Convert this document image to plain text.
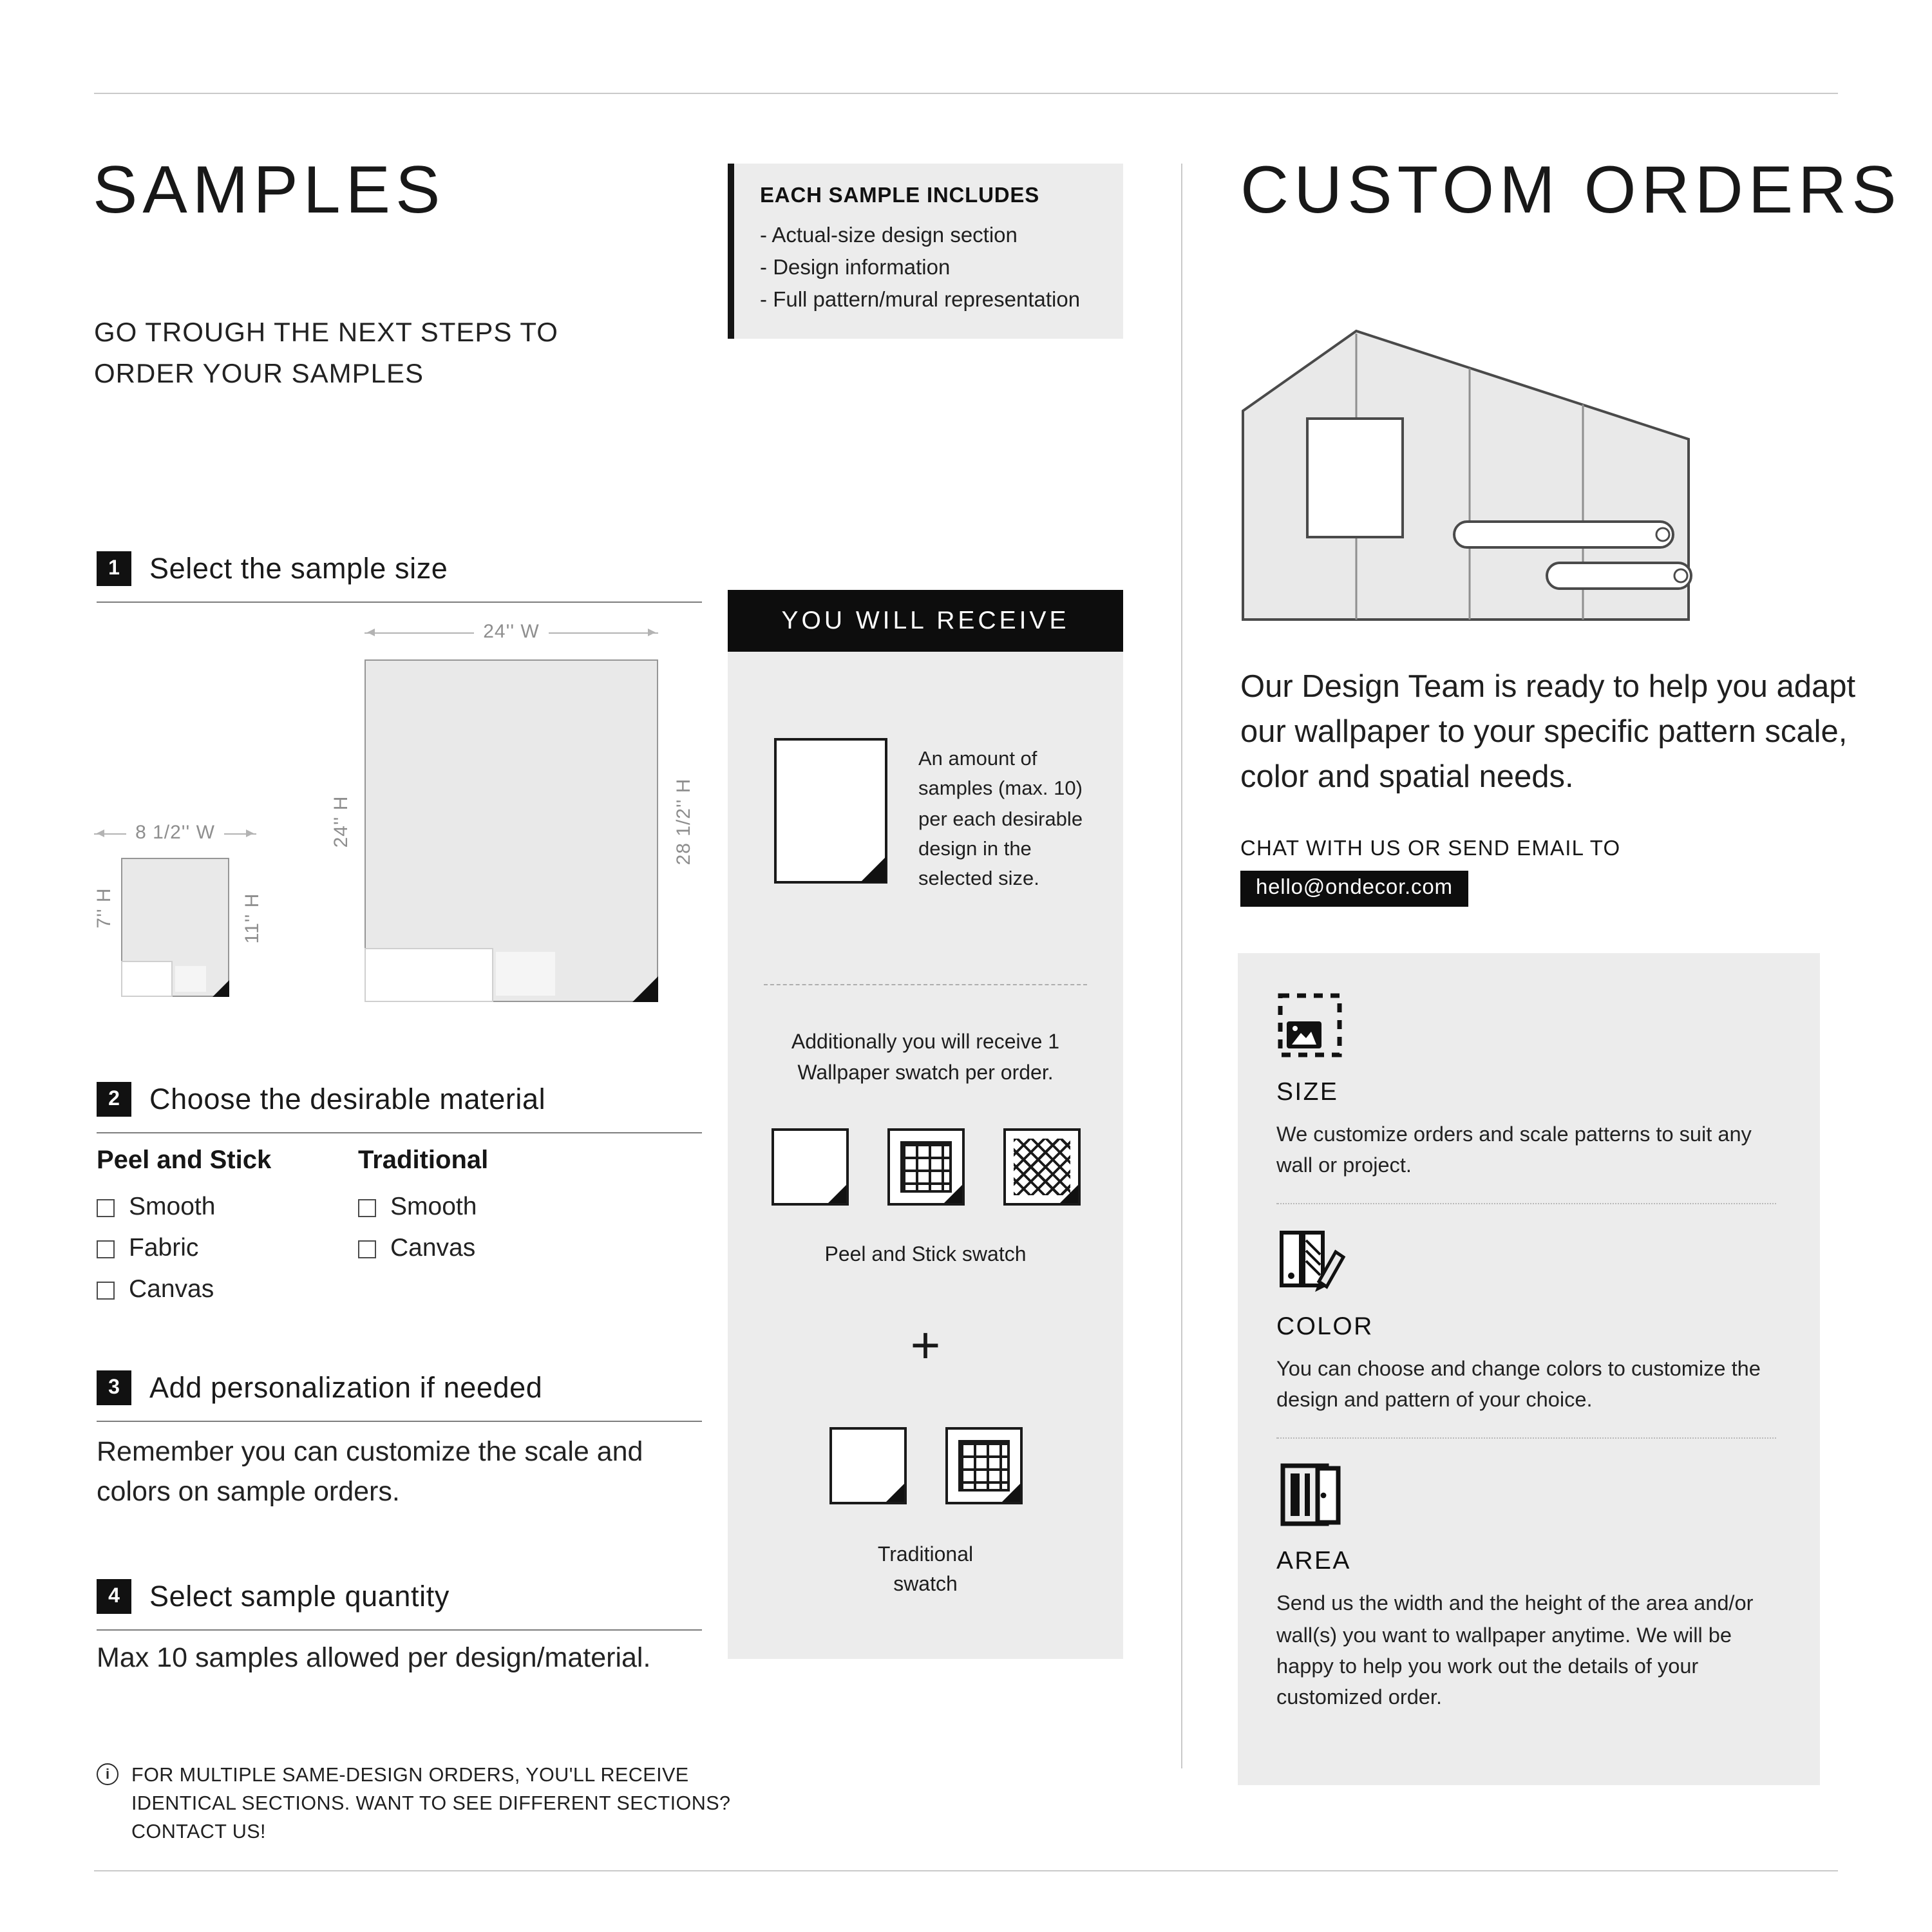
SAMPLES

GO TROUGH THE NEXT STEPS TO ORDER YOUR SAMPLES

EACH SAMPLE INCLUDES
- Actual-size design section
- Design information
- Full pattern/mural representation
1	Select the sample size
24'' W
24'' H	28 1/2'' H
8 1/2'' W
7'' H	11'' H
2	Choose the desirable material
Peel and Stick
Smooth
Fabric
Canvas
Traditional
Smooth
Canvas
3	Add personalization if needed

Remember you can customize the scale and colors on sample orders.

4	Select sample quantity

Max 10 samples allowed per design/material.

i
FOR MULTIPLE SAME-DESIGN ORDERS, YOU'LL RECEIVE IDENTICAL SECTIONS. WANT TO SEE DIFFERENT SECTIONS? CONTACT US!
YOU WILL RECEIVE

An amount of samples (max. 10) per each desirable design in the selected size.

Additionally you will receive 1 Wallpaper swatch per order.

Peel and Stick swatch
+
Traditional swatch
CUSTOM ORDERS

Our Design Team is ready to help you adapt our wallpaper to your specific pattern scale, color and spatial needs.

CHAT WITH US OR SEND EMAIL TO
hello@ondecor.com
SIZE

We customize orders and scale patterns to suit any wall or project.

COLOR

You can choose and change colors to customize the design and pattern of your choice.

AREA

Send us the width and the height of the area and/or wall(s) you want to wallpaper anytime. We will be happy to help you work out the details of your customized order.
